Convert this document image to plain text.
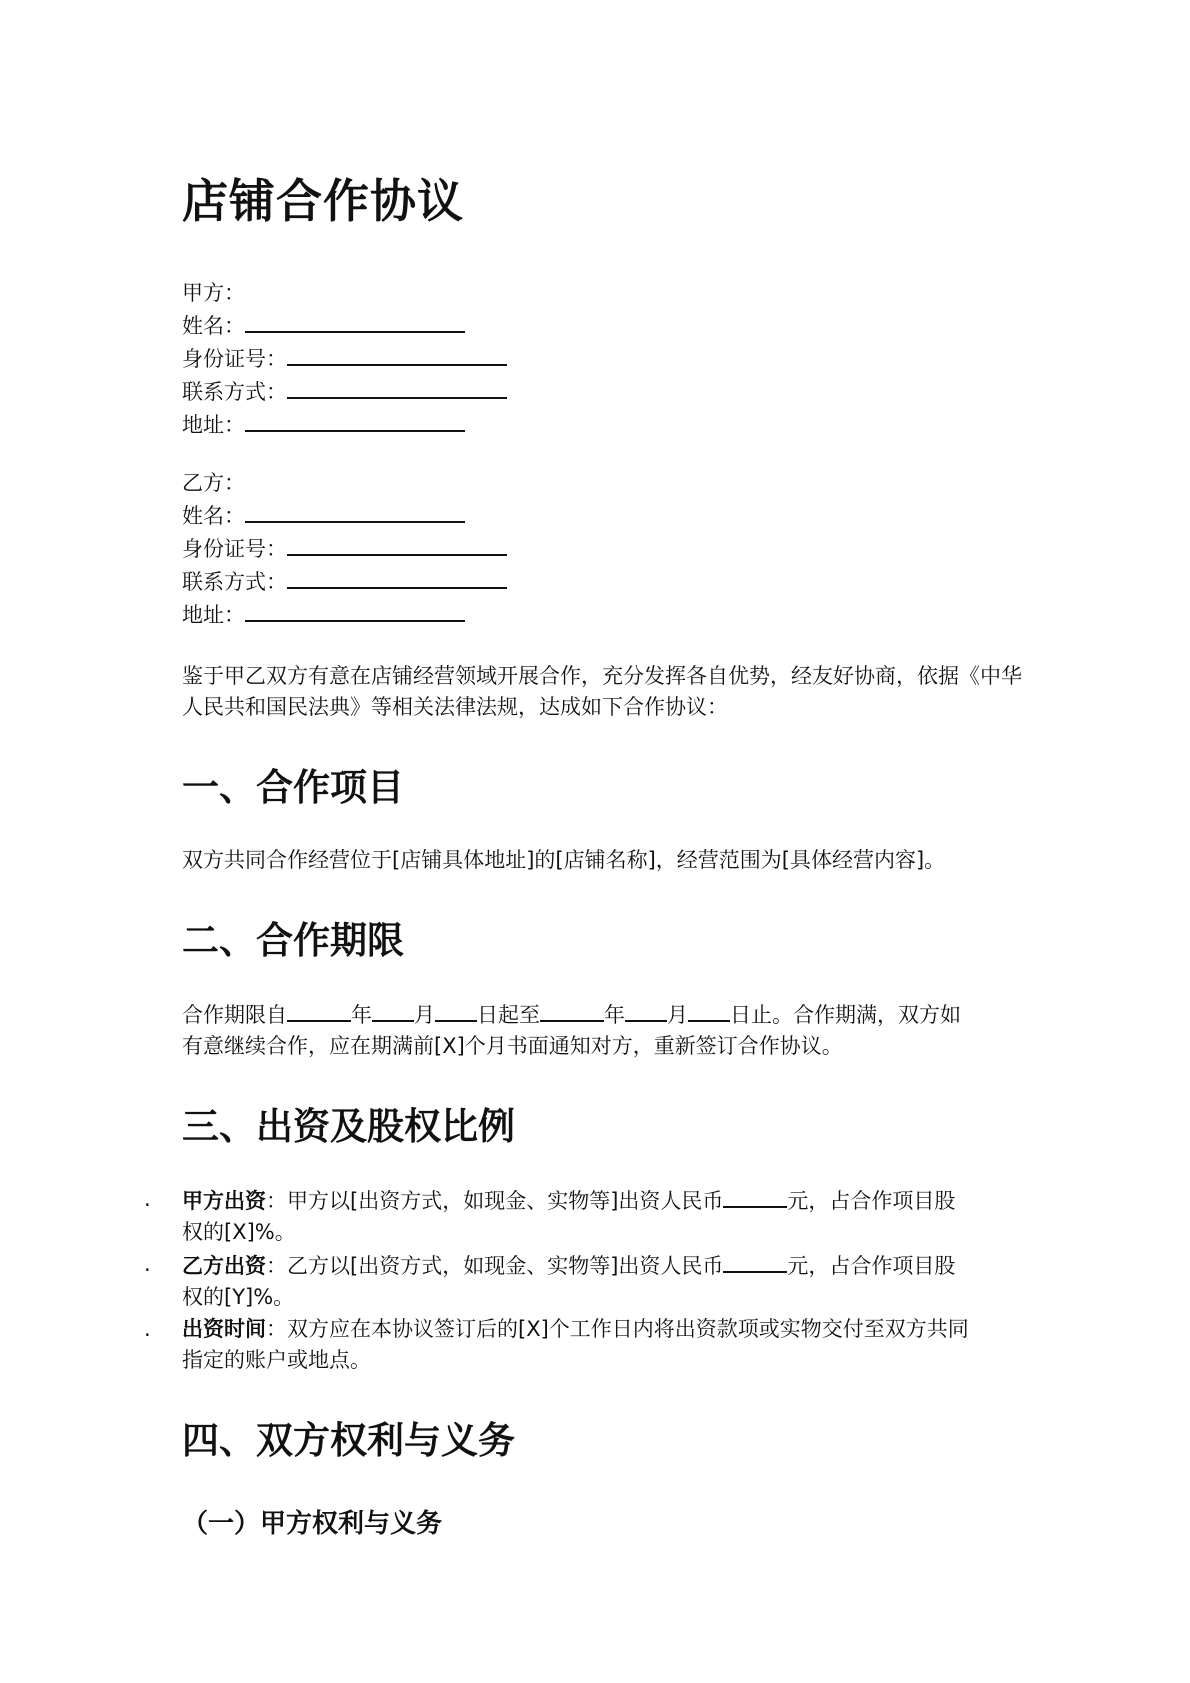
店铺合作协议
甲方：
姓名：
身份证号：
联系方式：
地址：
乙方：
姓名：
身份证号：
联系方式：
地址：

鉴于甲乙双方有意在店铺经营领域开展合作，充分发挥各自优势，经友好协商，依据《中华人民共和国民法典》等相关法律法规，达成如下合作协议：

一、合作项目

双方共同合作经营位于[店铺具体地址]的[店铺名称]，经营范围为[具体经营内容]。

二、合作期限

合作期限自	年 月 日起至	年 月 日止。合作期满，双方如
有意继续合作，应在期满前[X]个月书面通知对方，重新签订合作协议。

三、出资及股权比例
. 甲方出资：甲方以[出资方式，如现金、实物等]出资人民币	元，占合作项目股
权的[X]%。
. 乙方出资：乙方以[出资方式，如现金、实物等]出资人民币	元，占合作项目股
权的[Y]%。
. 出资时间：双方应在本协议签订后的[X]个工作日内将出资款项或实物交付至双方共同
指定的账户或地点。
四、双方权利与义务
（一）甲方权利与义务
